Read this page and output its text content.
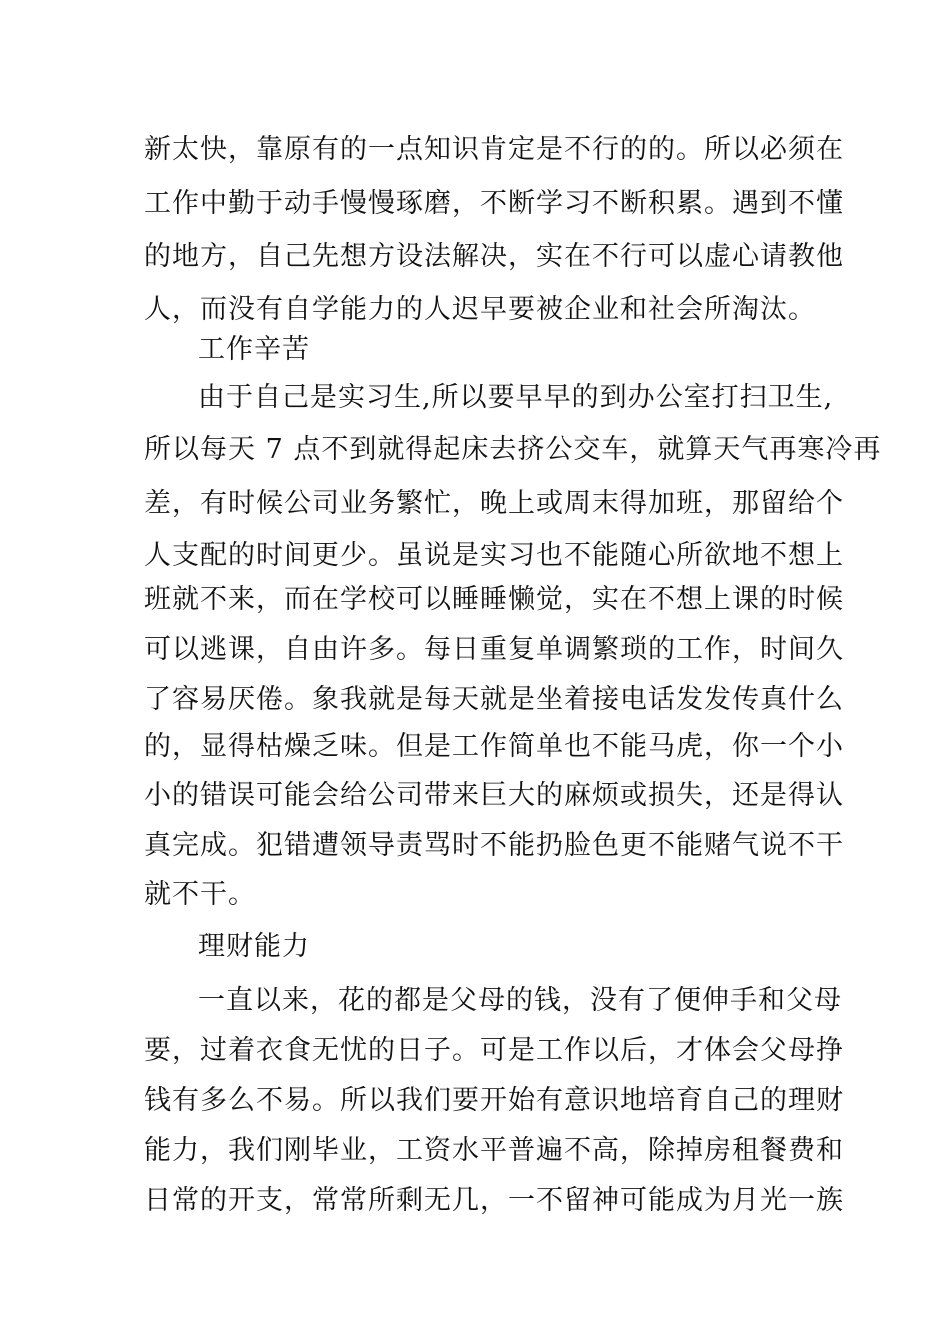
新太快，靠原有的一点知识肯定是不行的的。所以必须在
工作中勤于动手慢慢琢磨，不断学习不断积累。遇到不懂
的地方，自己先想方设法解决，实在不行可以虚心请教他
人，而没有自学能力的人迟早要被企业和社会所淘汰。
工作辛苦
由于自己是实习生,所以要早早的到办公室打扫卫生,
所以每天 7 点不到就得起床去挤公交车，就算天气再寒冷再
差，有时候公司业务繁忙，晚上或周末得加班，那留给个
人支配的时间更少。虽说是实习也不能随心所欲地不想上
班就不来，而在学校可以睡睡懒觉，实在不想上课的时候
可以逃课，自由许多。每日重复单调繁琐的工作，时间久
了容易厌倦。象我就是每天就是坐着接电话发发传真什么
的，显得枯燥乏味。但是工作简单也不能马虎，你一个小
小的错误可能会给公司带来巨大的麻烦或损失，还是得认
真完成。犯错遭领导责骂时不能扔脸色更不能赌气说不干
就不干。
理财能力
一直以来，花的都是父母的钱，没有了便伸手和父母
要，过着衣食无忧的日子。可是工作以后，才体会父母挣
钱有多么不易。所以我们要开始有意识地培育自己的理财
能力，我们刚毕业，工资水平普遍不高，除掉房租餐费和
日常的开支，常常所剩无几，一不留神可能成为月光一族
